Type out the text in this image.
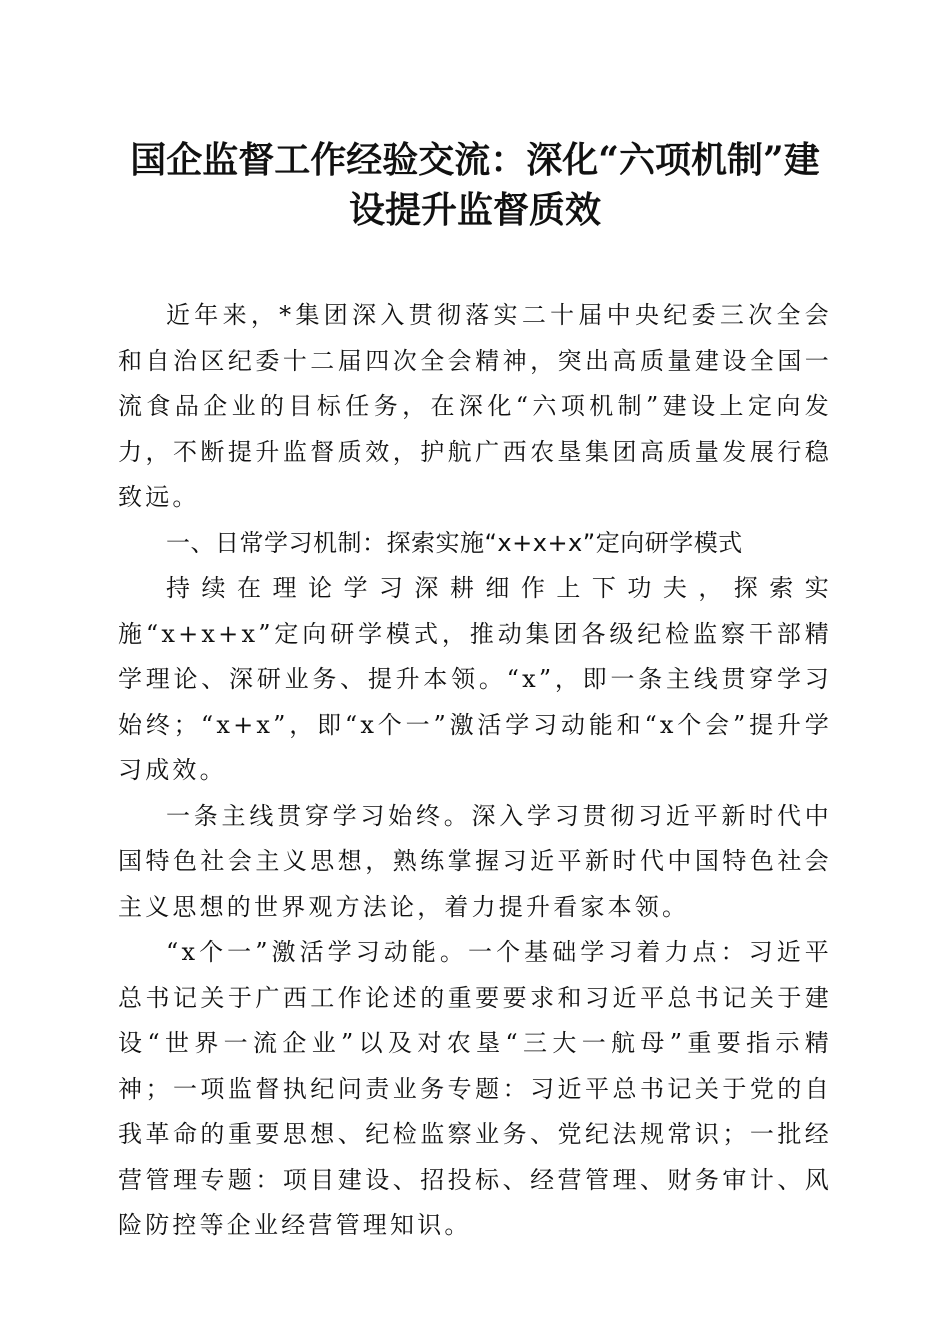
国企监督工作经验交流：深化“六项机制”建
设提升监督质效

近年来，*集团深入贯彻落实二十届中央纪委三次全会和自治区纪委十二届四次全会精神，突出高质量建设全国一流食品企业的目标任务，在深化“六项机制”建设上定向发力，不断提升监督质效，护航广西农垦集团高质量发展行稳致远。

一、日常学习机制：探索实施“x+x+x”定向研学模式

持续在理论学习深耕细作上下功夫，探索实施“x+x+x”定向研学模式，推动集团各级纪检监察干部精学理论、深研业务、提升本领。“x”，即一条主线贯穿学习始终；“x+x”，即“x个一”激活学习动能和“x个会”提升学习成效。

一条主线贯穿学习始终。深入学习贯彻习近平新时代中国特色社会主义思想，熟练掌握习近平新时代中国特色社会主义思想的世界观方法论，着力提升看家本领。

“x个一”激活学习动能。一个基础学习着力点：习近平总书记关于广西工作论述的重要要求和习近平总书记关于建设“世界一流企业”以及对农垦“三大一航母”重要指示精神；一项监督执纪问责业务专题：习近平总书记关于党的自我革命的重要思想、纪检监察业务、党纪法规常识；一批经营管理专题：项目建设、招投标、经营管理、财务审计、风险防控等企业经营管理知识。
